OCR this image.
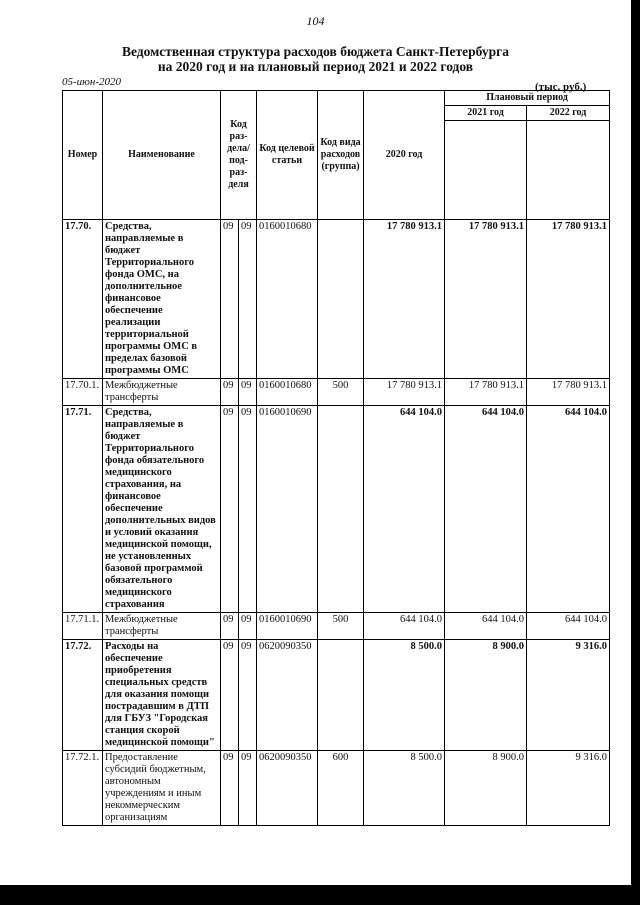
104
Ведомственная структура расходов бюджета Санкт-Петербурга
на 2020 год и на плановый период 2021 и 2022 годов
05-июн-2020	(тыс. руб.)
Номер	Наименование	Код раз-дела/ под-раз-деля		Код целевой статьи	Код вида расходов (группа)	2020 год	Плановый период	
							2021 год	2022 год

17.70.	Средства, направляемые в бюджет Территориального фонда ОМС, на дополнительное финансовое обеспечение реализации территориальной программы ОМС в пределах базовой программы ОМС	09	09	0160010680		17 780 913.1	17 780 913.1	17 780 913.1
17.70.1.	Межбюджетные трансферты	09	09	0160010680	500	17 780 913.1	17 780 913.1	17 780 913.1
17.71.	Средства, направляемые в бюджет Территориального фонда обязательного медицинского страхования, на финансовое обеспечение дополнительных видов и условий оказания медицинской помощи, не установленных базовой программой обязательного медицинского страхования	09	09	0160010690		644 104.0	644 104.0	644 104.0
17.71.1.	Межбюджетные трансферты	09	09	0160010690	500	644 104.0	644 104.0	644 104.0
17.72.	Расходы на обеспечение приобретения специальных средств для оказания помощи пострадавшим в ДТП для ГБУЗ "Городская станция скорой медицинской помощи"	09	09	0620090350		8 500.0	8 900.0	9 316.0
17.72.1.	Предоставление субсидий бюджетным, автономным учреждениям и иным некоммерческим организациям	09	09	0620090350	600	8 500.0	8 900.0	9 316.0
